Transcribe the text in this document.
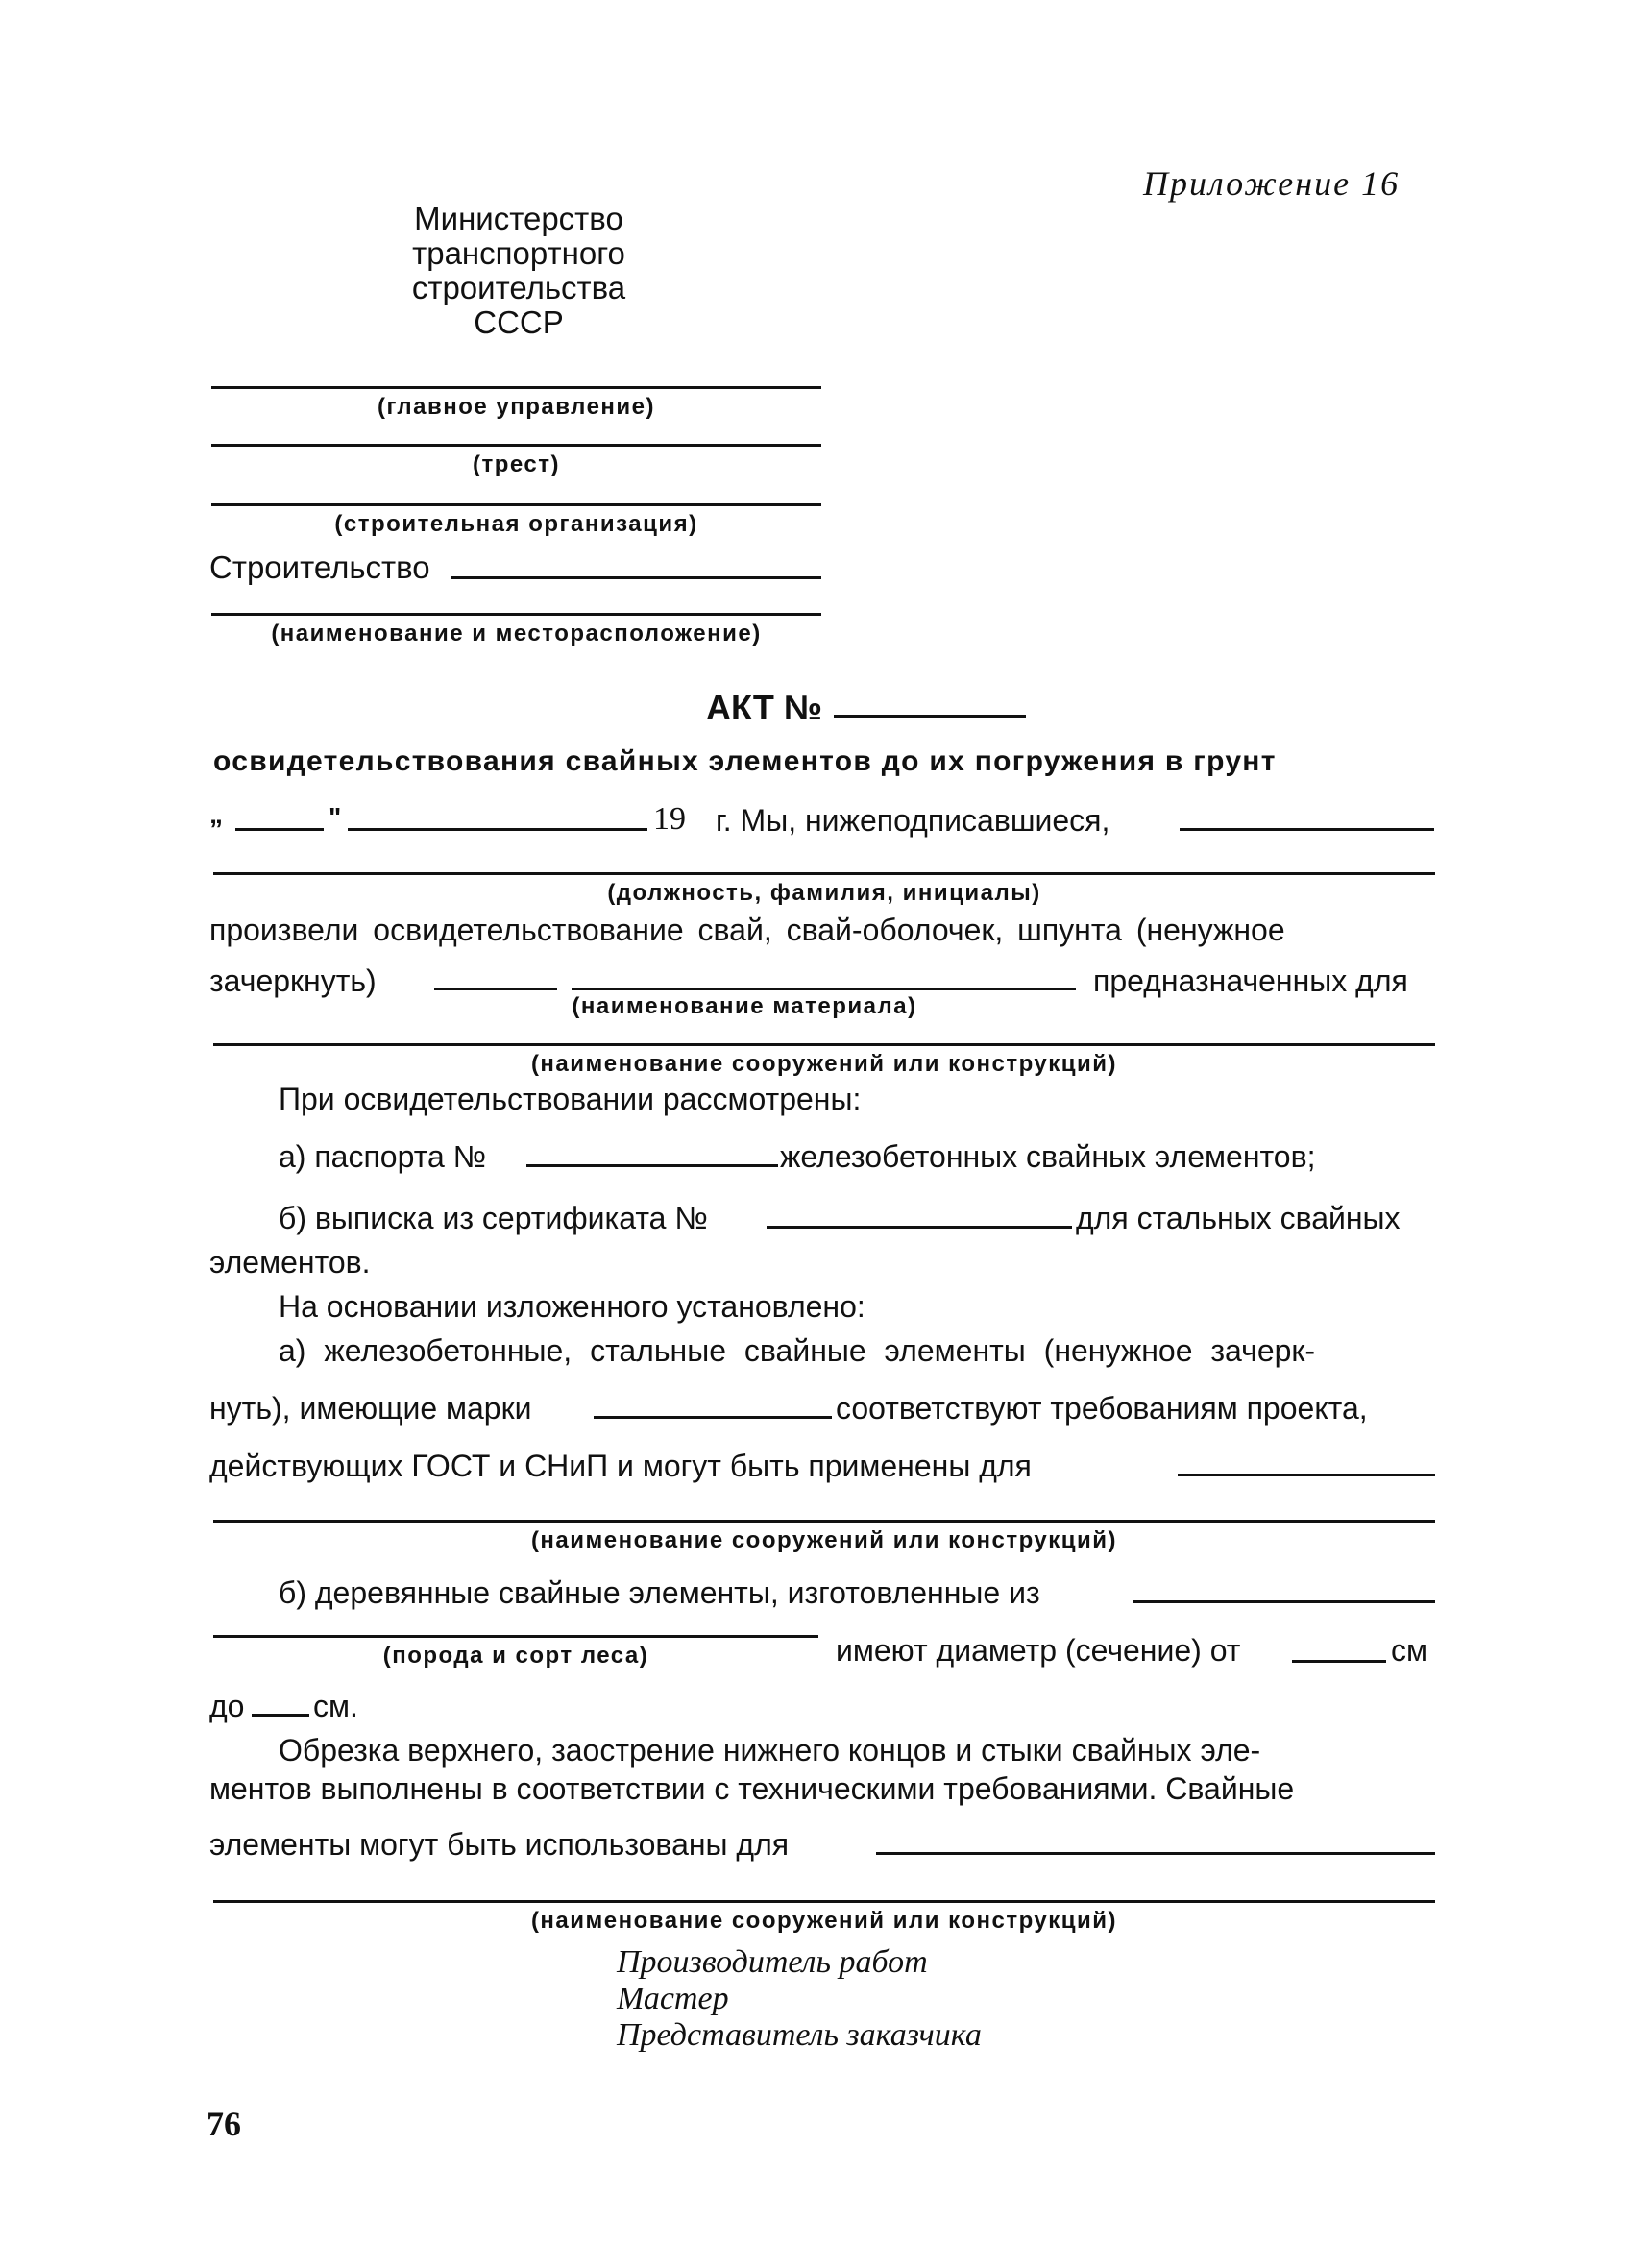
Приложение 16
Министерство
транспортного
строительства
СССР
(главное управление)
(трест)
(строительная организация)
Строительство
(наименование и месторасположение)
АКТ №
освидетельствования свайных элементов до их погружения в грунт
„	"	19 г. Мы, нижеподписавшиеся,
(должность, фамилия, инициалы)
произвели освидетельствование свай, свай-оболочек, шпунта (ненужное
зачеркнуть)
(наименование материала)
предназначенных для
(наименование сооружений или конструкций)
При освидетельствовании рассмотрены:
а) паспорта №	железобетонных свайных элементов;
б) выписка из сертификата №	для стальных свайных
элементов.
На основании изложенного установлено:
а) железобетонные, стальные свайные элементы (ненужное зачерк-
нуть), имеющие марки	соответствуют требованиям проекта,
действующих ГОСТ и СНиП и могут быть применены для
(наименование сооружений или конструкций)
б) деревянные свайные элементы, изготовленные из
(порода и сорт леса)	имеют диаметр (сечение) от	см
до см.
Обрезка верхнего, заострение нижнего концов и стыки свайных эле-
ментов выполнены в соответствии с техническими требованиями. Свайные
элементы могут быть использованы для
(наименование сооружений или конструкций)
Производитель работ
Мастер
Представитель заказчика
76
